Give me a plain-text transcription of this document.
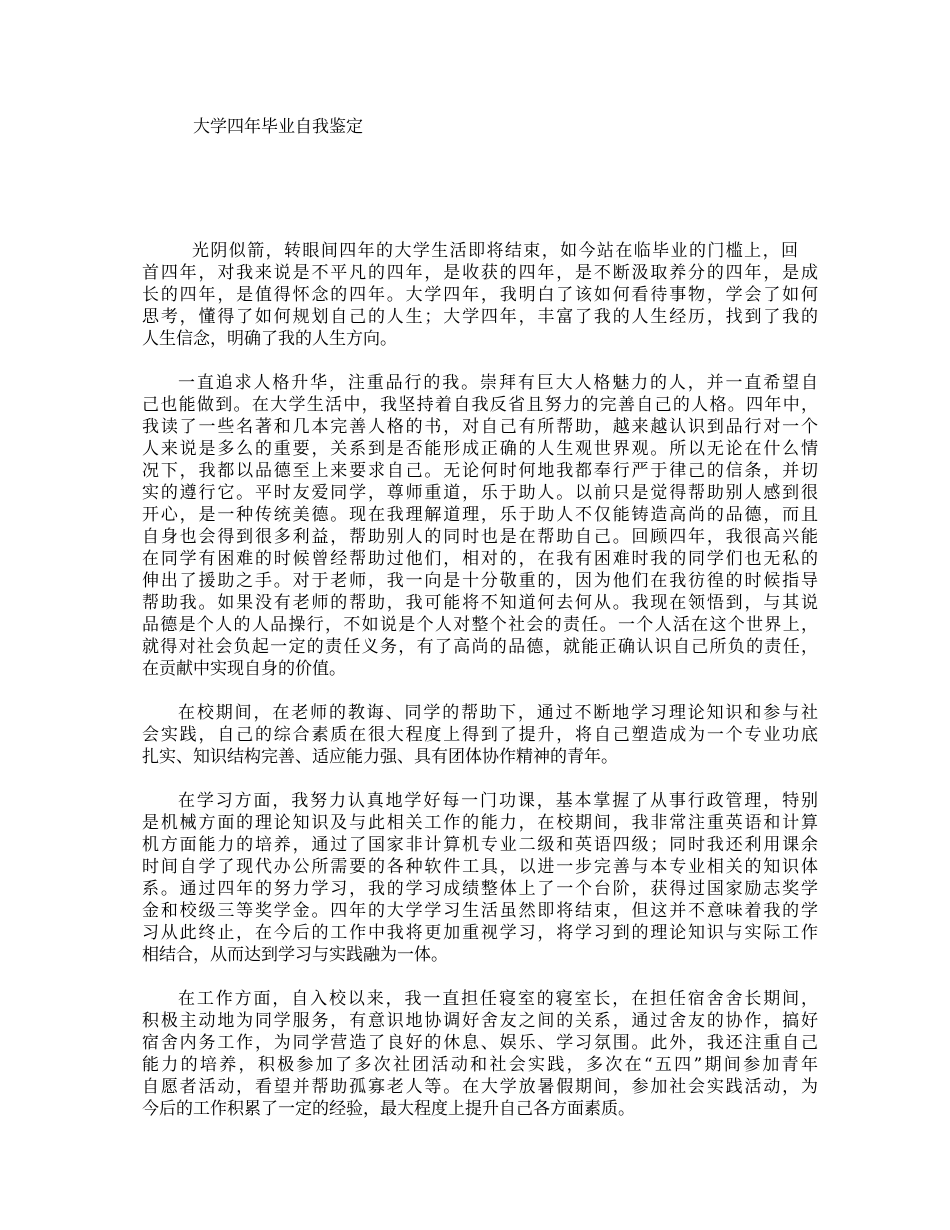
大学四年毕业自我鉴定

光阴似箭，转眼间四年的大学生活即将结束，如今站在临毕业的门槛上，回

首四年，对我来说是不平凡的四年，是收获的四年，是不断汲取养分的四年，是成

长的四年，是值得怀念的四年。大学四年，我明白了该如何看待事物，学会了如何

思考，懂得了如何规划自己的人生；大学四年，丰富了我的人生经历，找到了我的

人生信念，明确了我的人生方向。

一直追求人格升华，注重品行的我。崇拜有巨大人格魅力的人，并一直希望自

己也能做到。在大学生活中，我坚持着自我反省且努力的完善自己的人格。四年中，

我读了一些名著和几本完善人格的书，对自己有所帮助，越来越认识到品行对一个

人来说是多么的重要，关系到是否能形成正确的人生观世界观。所以无论在什么情

况下，我都以品德至上来要求自己。无论何时何地我都奉行严于律己的信条，并切

实的遵行它。平时友爱同学，尊师重道，乐于助人。以前只是觉得帮助别人感到很

开心，是一种传统美德。现在我理解道理，乐于助人不仅能铸造高尚的品德，而且

自身也会得到很多利益，帮助别人的同时也是在帮助自己。回顾四年，我很高兴能

在同学有困难的时候曾经帮助过他们，相对的，在我有困难时我的同学们也无私的

伸出了援助之手。对于老师，我一向是十分敬重的，因为他们在我彷徨的时候指导

帮助我。如果没有老师的帮助，我可能将不知道何去何从。我现在领悟到，与其说

品德是个人的人品操行，不如说是个人对整个社会的责任。一个人活在这个世界上，

就得对社会负起一定的责任义务，有了高尚的品德，就能正确认识自己所负的责任，

在贡献中实现自身的价值。

在校期间，在老师的教诲、同学的帮助下，通过不断地学习理论知识和参与社

会实践，自己的综合素质在很大程度上得到了提升，将自己塑造成为一个专业功底

扎实、知识结构完善、适应能力强、具有团体协作精神的青年。

在学习方面，我努力认真地学好每一门功课，基本掌握了从事行政管理，特别

是机械方面的理论知识及与此相关工作的能力，在校期间，我非常注重英语和计算

机方面能力的培养，通过了国家非计算机专业二级和英语四级；同时我还利用课余

时间自学了现代办公所需要的各种软件工具，以进一步完善与本专业相关的知识体

系。通过四年的努力学习，我的学习成绩整体上了一个台阶，获得过国家励志奖学

金和校级三等奖学金。四年的大学学习生活虽然即将结束，但这并不意味着我的学

习从此终止，在今后的工作中我将更加重视学习，将学习到的理论知识与实际工作

相结合，从而达到学习与实践融为一体。

在工作方面，自入校以来，我一直担任寝室的寝室长，在担任宿舍舍长期间，

积极主动地为同学服务，有意识地协调好舍友之间的关系，通过舍友的协作，搞好

宿舍内务工作，为同学营造了良好的休息、娱乐、学习氛围。此外，我还注重自己

能力的培养，积极参加了多次社团活动和社会实践，多次在“五四”期间参加青年

自愿者活动，看望并帮助孤寡老人等。在大学放暑假期间，参加社会实践活动，为

今后的工作积累了一定的经验，最大程度上提升自己各方面素质。
